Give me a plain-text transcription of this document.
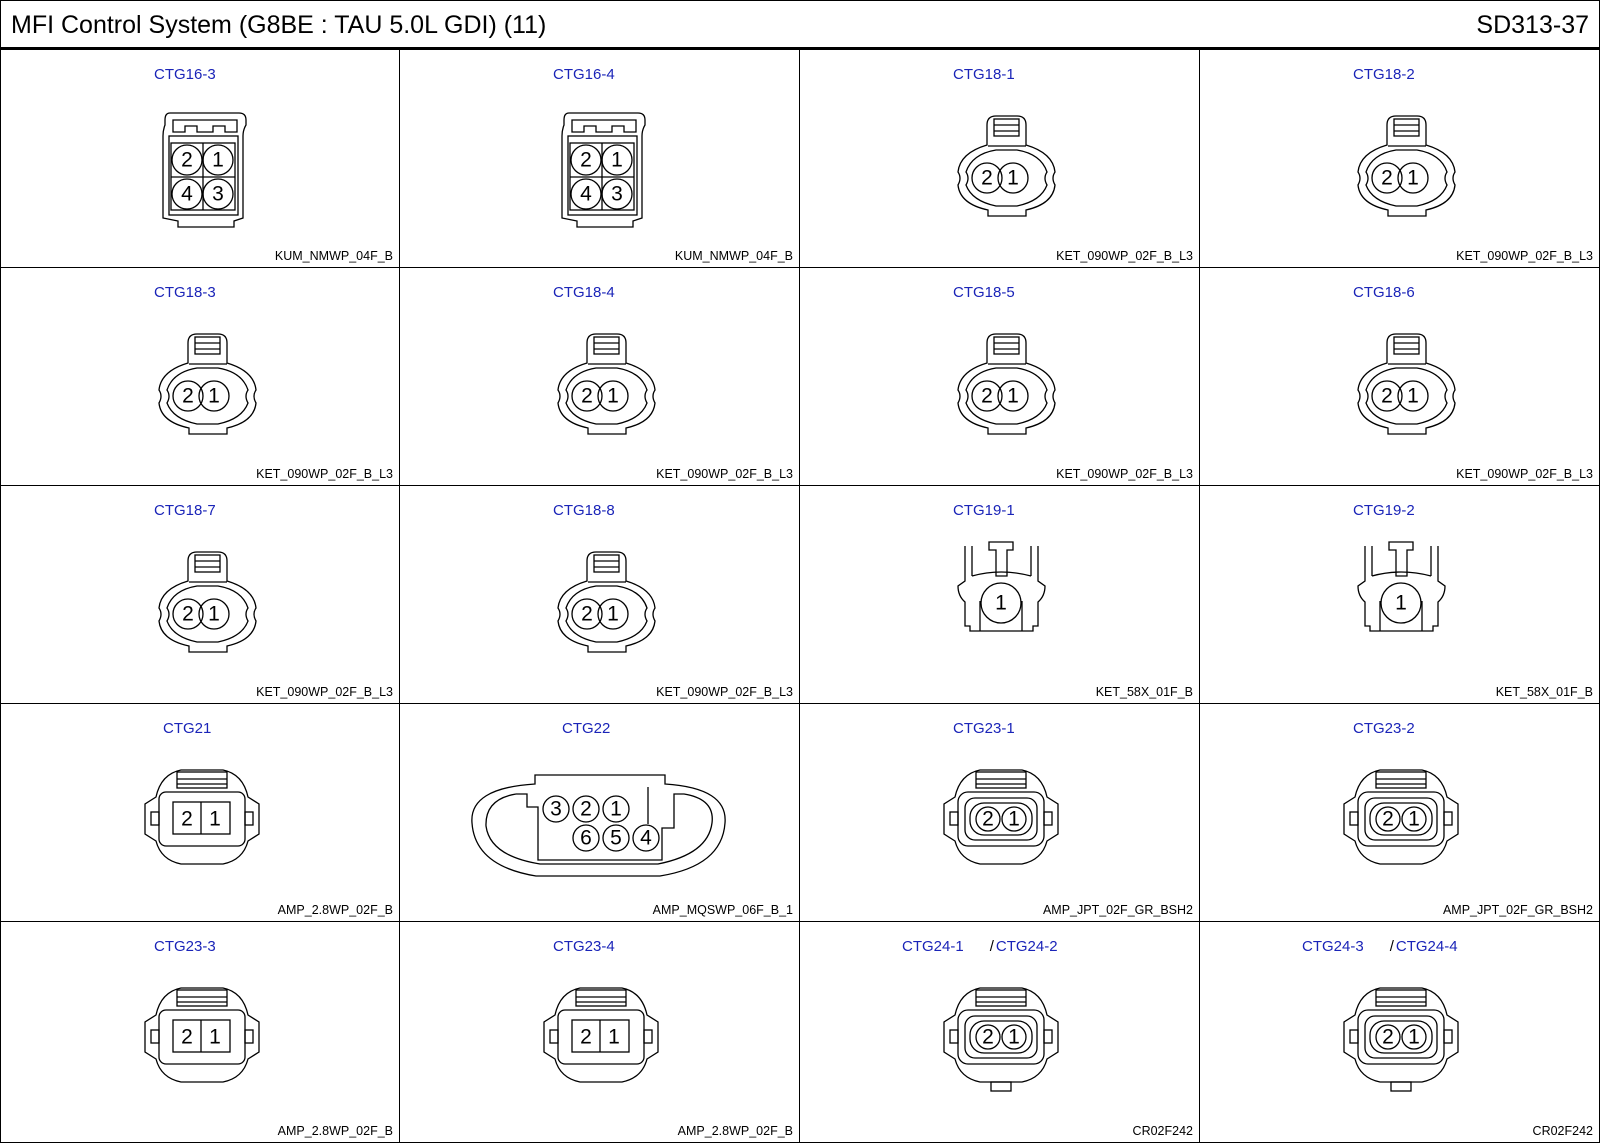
MFI Control System (G8BE : TAU 5.0L GDI) (11)	SD313-37
CTG16-3
2 1
4 3
KUM_NMWP_04F_B
CTG16-4
2 1
4 3
KUM_NMWP_04F_B
CTG18-1
2 1
KET_090WP_02F_B_L3
CTG18-2
2 1
KET_090WP_02F_B_L3
CTG18-3
2 1
KET_090WP_02F_B_L3
CTG18-4
2 1
KET_090WP_02F_B_L3
CTG18-5
2 1
KET_090WP_02F_B_L3
CTG18-6
2 1
KET_090WP_02F_B_L3
CTG18-7
2 1
KET_090WP_02F_B_L3
CTG18-8
2 1
KET_090WP_02F_B_L3
CTG19-1
1
KET_58X_01F_B
CTG19-2
1
KET_58X_01F_B
CTG21
2 1
AMP_2.8WP_02F_B
CTG22
3 2 1
6 5 4
AMP_MQSWP_06F_B_1
CTG23-1
2 1
AMP_JPT_02F_GR_BSH2
CTG23-2
2 1
AMP_JPT_02F_GR_BSH2
CTG23-3
2 1
AMP_2.8WP_02F_B
CTG23-4
2 1
AMP_2.8WP_02F_B
CTG24-1 / CTG24-2
2 1
CR02F242
CTG24-3 / CTG24-4
2 1
CR02F242
